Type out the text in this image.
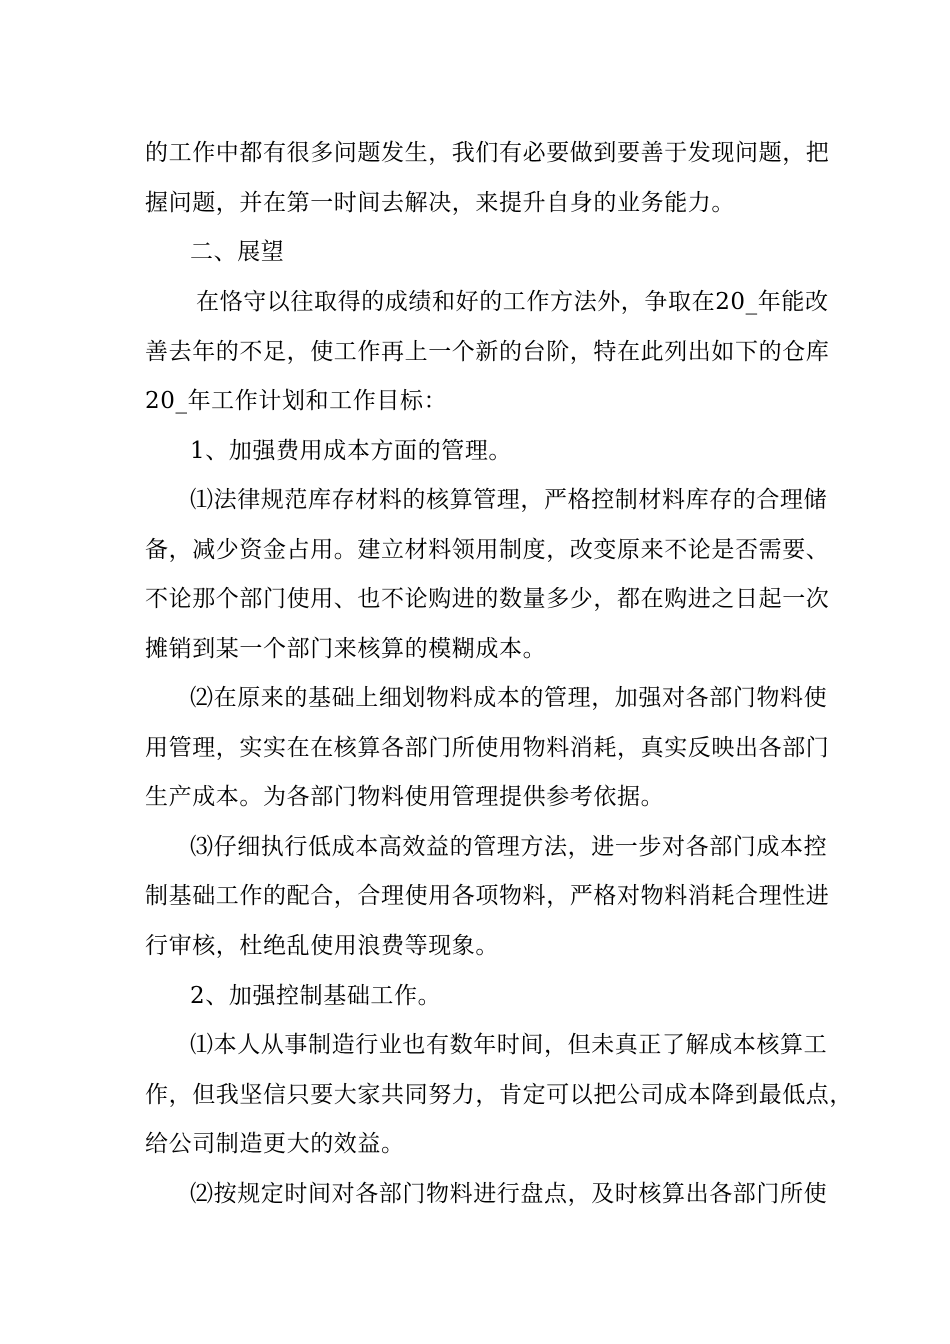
的工作中都有很多问题发生，我们有必要做到要善于发现问题，把

握问题，并在第一时间去解决，来提升自身的业务能力。

二、展望

在恪守以往取得的成绩和好的工作方法外，争取在20_年能改

善去年的不足，使工作再上一个新的台阶，特在此列出如下的仓库

20_年工作计划和工作目标：

1、加强费用成本方面的管理。

⑴法律规范库存材料的核算管理，严格控制材料库存的合理储

备，减少资金占用。建立材料领用制度，改变原来不论是否需要、

不论那个部门使用、也不论购进的数量多少，都在购进之日起一次

摊销到某一个部门来核算的模糊成本。

⑵在原来的基础上细划物料成本的管理，加强对各部门物料使

用管理，实实在在核算各部门所使用物料消耗，真实反映出各部门

生产成本。为各部门物料使用管理提供参考依据。

⑶仔细执行低成本高效益的管理方法，进一步对各部门成本控

制基础工作的配合，合理使用各项物料，严格对物料消耗合理性进

行审核，杜绝乱使用浪费等现象。

2、加强控制基础工作。

⑴本人从事制造行业也有数年时间，但未真正了解成本核算工

作，但我坚信只要大家共同努力，肯定可以把公司成本降到最低点，

给公司制造更大的效益。

⑵按规定时间对各部门物料进行盘点，及时核算出各部门所使
